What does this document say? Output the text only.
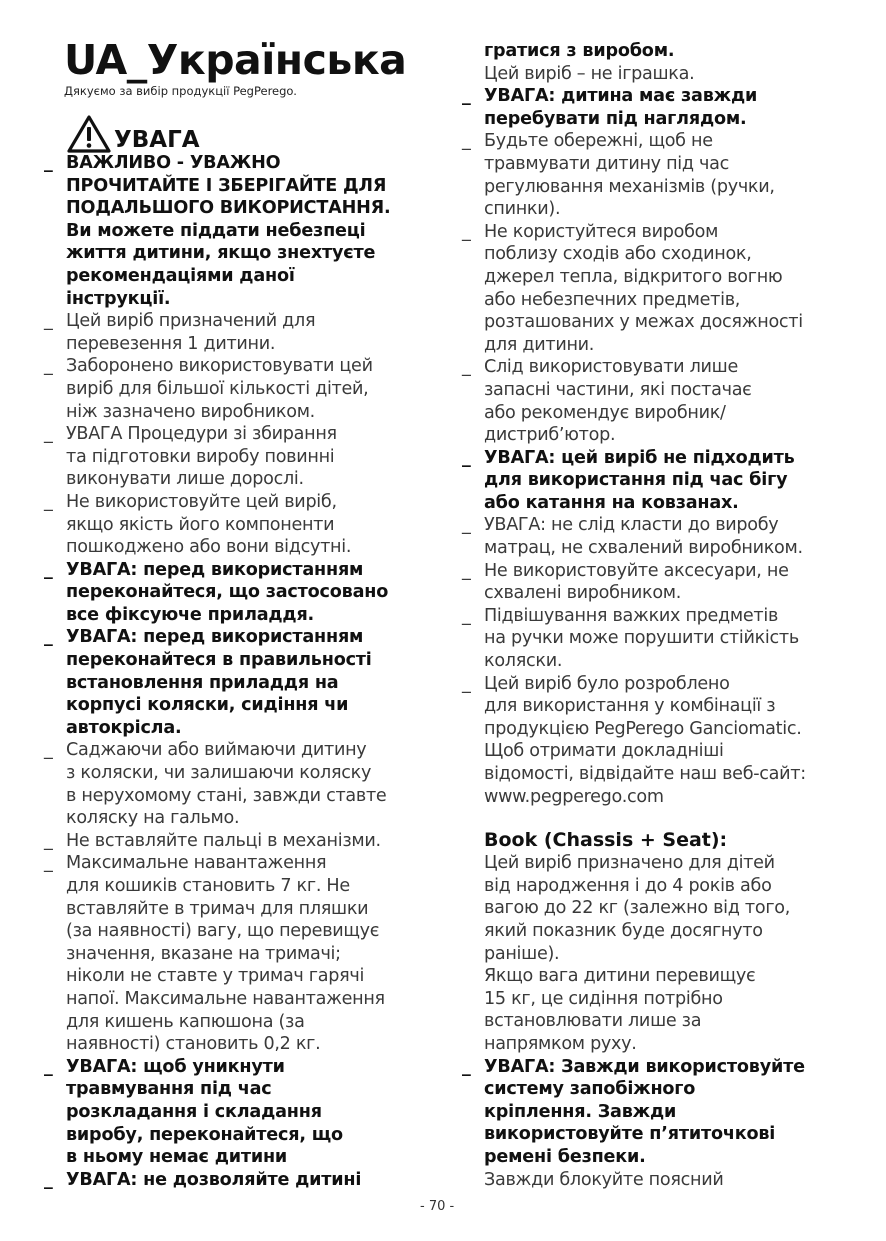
UA_Українська
Дякуємо за вибір продукції PegPerego.
УВАГА
_ ВАЖЛИВО - УВАЖНО
ПРОЧИТАЙТЕ І ЗБЕРІГАЙТЕ ДЛЯ
ПОДАЛЬШОГО ВИКОРИСТАННЯ.
Ви можете піддати небезпеці
життя дитини, якщо знехтуєте
рекомендаціями даної
інструкції.
_ Цей виріб призначений для
перевезення 1 дитини.
_ Заборонено використовувати цей
виріб для більшої кількості дітей,
ніж зазначено виробником.
_ УВАГА Процедури зі збирання
та підготовки виробу повинні
виконувати лише дорослі.
_ Не використовуйте цей виріб,
якщо якість його компоненти
пошкоджено або вони відсутні.
_ УВАГА: перед використанням
переконайтеся, що застосовано
все фіксуюче приладдя.
_ УВАГА: перед використанням
переконайтеся в правильності
встановлення приладдя на
корпусі коляски, сидіння чи
автокрісла.
_ Саджаючи або виймаючи дитину
з коляски, чи залишаючи коляску
в нерухомому стані, завжди ставте
коляску на гальмо.
_ Не вставляйте пальці в механізми.
_ Максимальне навантаження
для кошиків становить 7 кг. Не
вставляйте в тримач для пляшки
(за наявності) вагу, що перевищує
значення, вказане на тримачі;
ніколи не ставте у тримач гарячі
напої. Максимальне навантаження
для кишень капюшона (за
наявності) становить 0,2 кг.
_ УВАГА: щоб уникнути
травмування під час
розкладання і складання
виробу, переконайтеся, що
в ньому немає дитини
_ УВАГА: не дозволяйте дитині
гратися з виробом.
Цей виріб – не іграшка.
_ УВАГА: дитина має завжди
перебувати під наглядом.
_ Будьте обережні, щоб не
травмувати дитину під час
регулювання механізмів (ручки,
спинки).
_ Не користуйтеся виробом
поблизу сходів або сходинок,
джерел тепла, відкритого вогню
або небезпечних предметів,
розташованих у межах досяжності
для дитини.
_ Слід використовувати лише
запасні частини, які постачає
або рекомендує виробник/
дистриб’ютор.
_ УВАГА: цей виріб не підходить
для використання під час бігу
або катання на ковзанах.
_ УВАГА: не слід класти до виробу
матрац, не схвалений виробником.
_ Не використовуйте аксесуари, не
схвалені виробником.
_ Підвішування важких предметів
на ручки може порушити стійкість
коляски.
_ Цей виріб було розроблено
для використання у комбінації з
продукцією PegPerego Ganciomatic.
Щоб отримати докладніші
відомості, відвідайте наш веб-сайт:
www.pegperego.com
Book (Chassis + Seat):
Цей виріб призначено для дітей
від народження і до 4 років або
вагою до 22 кг (залежно від того,
який показник буде досягнуто
раніше).
Якщо вага дитини перевищує
15 кг, це сидіння потрібно
встановлювати лише за
напрямком руху.
_ УВАГА: Завжди використовуйте
систему запобіжного
кріплення. Завжди
використовуйте п’ятиточкові
ремені безпеки.
Завжди блокуйте поясний
- 70 -
